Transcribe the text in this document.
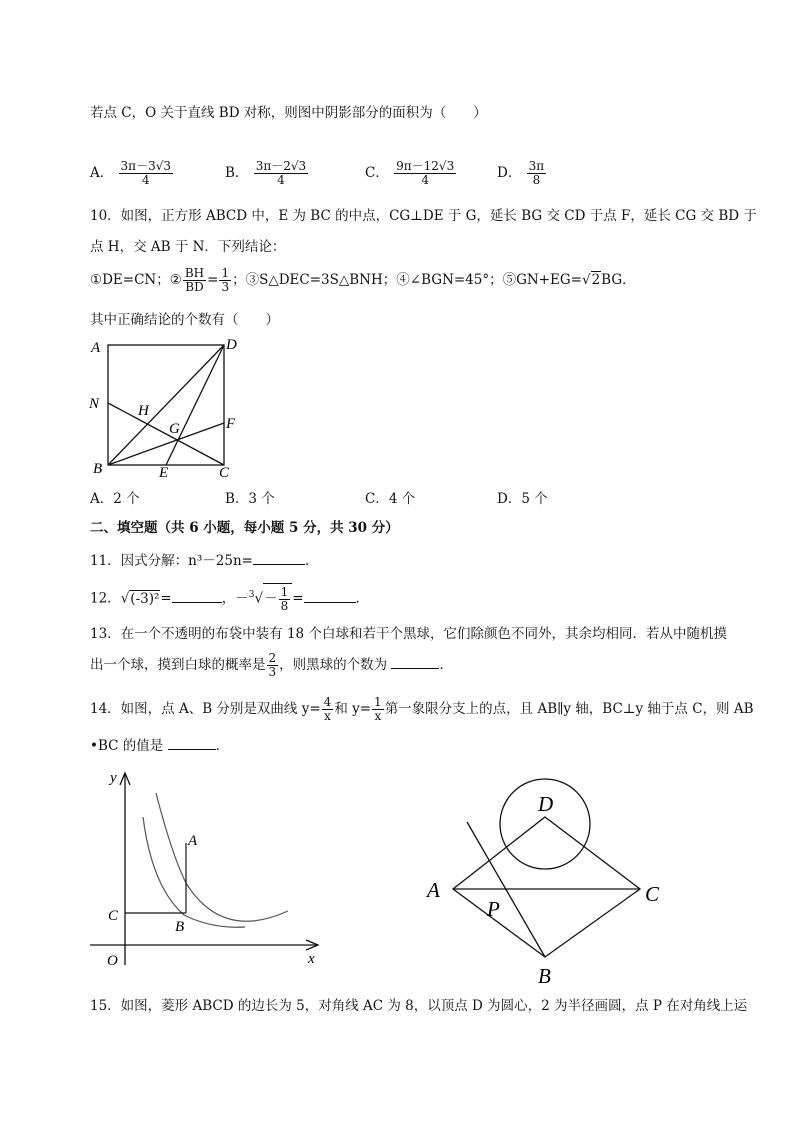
若点 C，O 关于直线 BD 对称，则图中阴影部分的面积为（　　）
A． $\frac{3\pi-3√3}{4}$	B． $\frac{3\pi-2√3}{4}$	C． $\frac{9\pi-12√3}{4}$	D． $\frac{3\pi}{8}$
10．如图，正方形 ABCD 中，E 为 BC 的中点，CG⊥DE 于 G，延长 BG 交 CD 于点 F，延长 CG 交 BD 于
点 H，交 AB 于 N．下列结论：
①DE=CN；② $\frac{BH}{BD} = \frac{1}{3}$ ；③S△DEC=3S△BNH；④∠BGN=45°；⑤GN+EG=√2BG．
其中正确结论的个数有（　　）
A	D
N	H
G	F
B	E	C
A．2 个	B．3 个	C．4 个	D．5 个
二、填空题（共 6 小题，每小题 5 分，共 30 分）
11．因式分解：n³－25n=	．
12．√(-3)²=	，$-^3√- \frac{1}{8}$ =	．
13．在一个不透明的布袋中装有 18 个白球和若干个黑球，它们除颜色不同外，其余均相同．若从中随机摸
出一个球，摸到白球的概率是 $\frac{2}{3}$ ，则黑球的个数为	．
14．如图，点 A、B 分别是双曲线 $y= \frac{4}{x}$ 和 $y= \frac{1}{x}$ 第一象限分支上的点，且 AB∥y 轴，BC⊥y 轴于点 C，则 AB
•BC 的值是	．
y
x
O
A
B
C
D
A	C
P
B
15．如图，菱形 ABCD 的边长为 5，对角线 AC 为 8，以顶点 D 为圆心，2 为半径画圆，点 P 在对角线上运
